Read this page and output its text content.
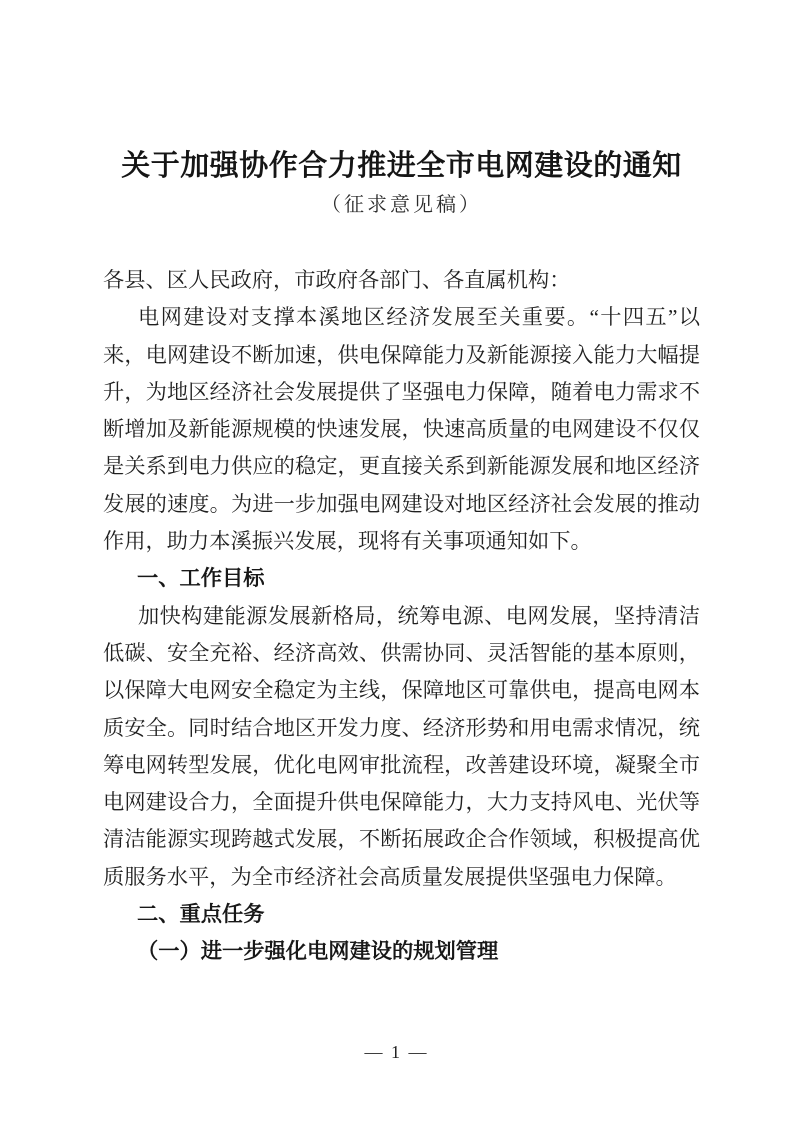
关于加强协作合力推进全市电网建设的通知
（征求意见稿）

各县、区人民政府，市政府各部门、各直属机构：

电网建设对支撑本溪地区经济发展至关重要。“十四五”以来，电网建设不断加速，供电保障能力及新能源接入能力大幅提升，为地区经济社会发展提供了坚强电力保障，随着电力需求不断增加及新能源规模的快速发展，快速高质量的电网建设不仅仅是关系到电力供应的稳定，更直接关系到新能源发展和地区经济发展的速度。为进一步加强电网建设对地区经济社会发展的推动作用，助力本溪振兴发展，现将有关事项通知如下。

一、工作目标

加快构建能源发展新格局，统筹电源、电网发展，坚持清洁低碳、安全充裕、经济高效、供需协同、灵活智能的基本原则，以保障大电网安全稳定为主线，保障地区可靠供电，提高电网本质安全。同时结合地区开发力度、经济形势和用电需求情况，统筹电网转型发展，优化电网审批流程，改善建设环境，凝聚全市电网建设合力，全面提升供电保障能力，大力支持风电、光伏等清洁能源实现跨越式发展，不断拓展政企合作领域，积极提高优质服务水平，为全市经济社会高质量发展提供坚强电力保障。

二、重点任务

（一）进一步强化电网建设的规划管理

— 1 —
